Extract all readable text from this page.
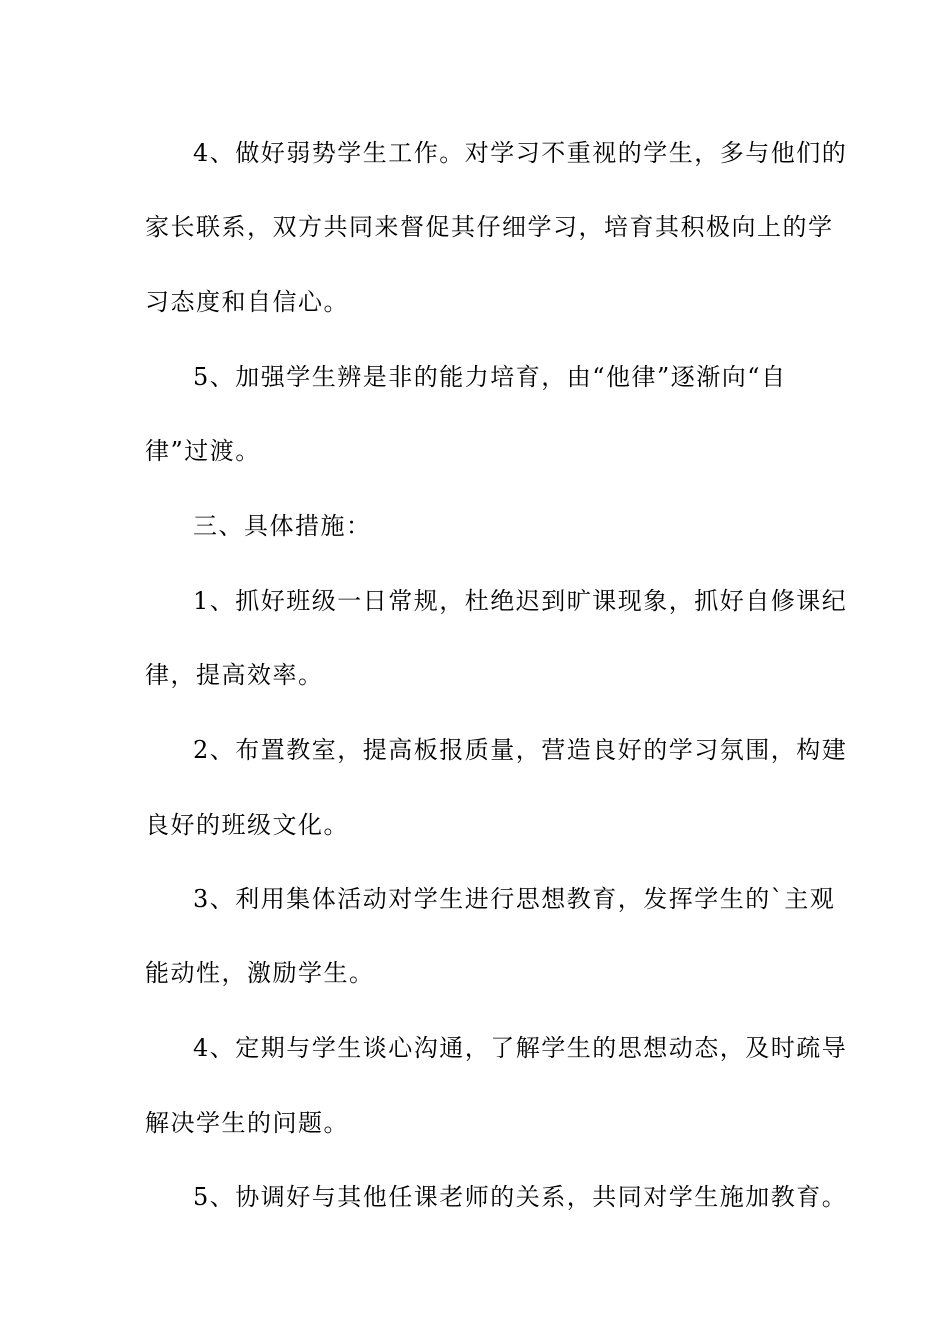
4、做好弱势学生工作。对学习不重视的学生，多与他们的
家长联系，双方共同来督促其仔细学习，培育其积极向上的学
习态度和自信心。
5、加强学生辨是非的能力培育，由“他律”逐渐向“自
律”过渡。
三、具体措施：
1、抓好班级一日常规，杜绝迟到旷课现象，抓好自修课纪
律，提高效率。
2、布置教室，提高板报质量，营造良好的学习氛围，构建
良好的班级文化。
3、利用集体活动对学生进行思想教育，发挥学生的`主观
能动性，激励学生。
4、定期与学生谈心沟通，了解学生的思想动态，及时疏导
解决学生的问题。
5、协调好与其他任课老师的关系，共同对学生施加教育。
